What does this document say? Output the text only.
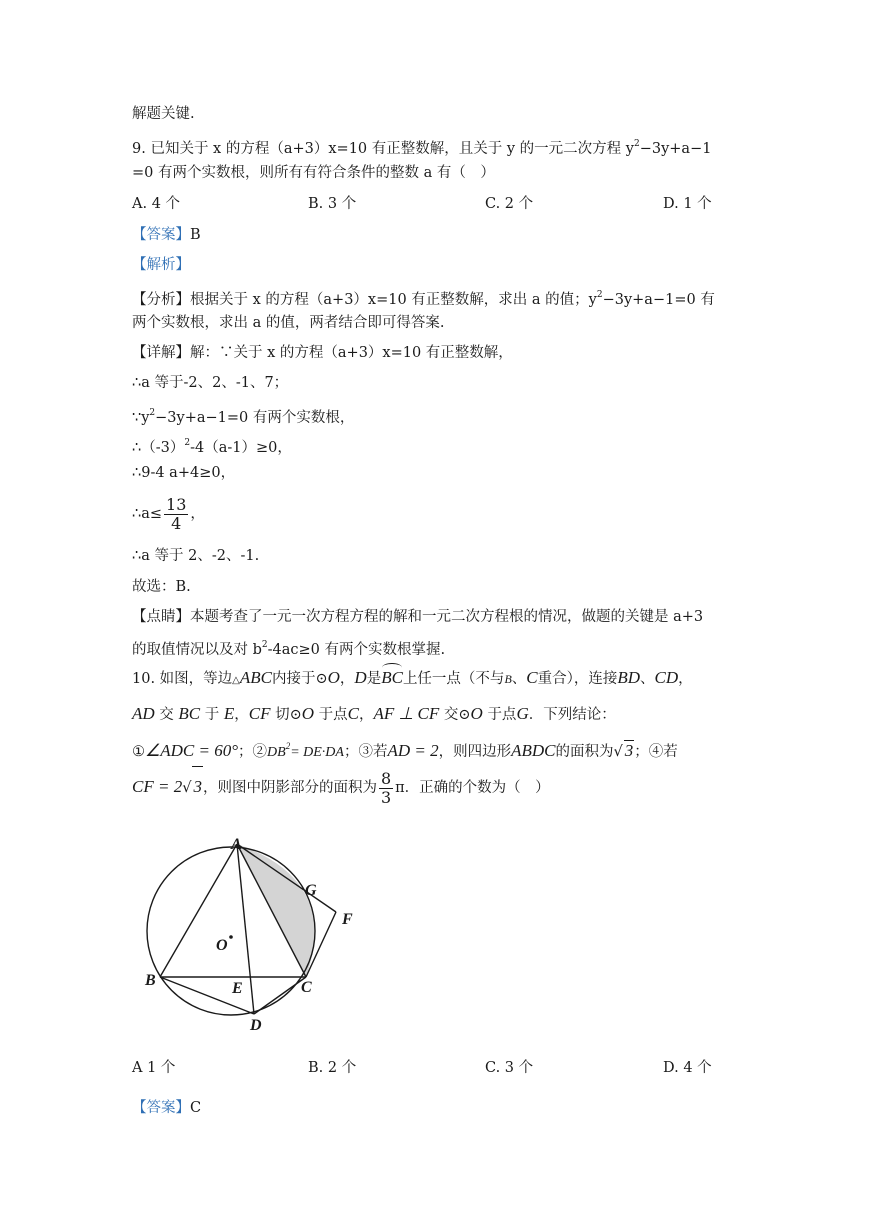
解题关键.
9. 已知关于 x 的方程（a+3）x=10 有正整数解，且关于 y 的一元二次方程 $y^2-3y+a-1$
=0 有两个实数根，则所有有符合条件的整数 a 有（　）
A. 4 个	B. 3 个	C. 2 个	D. 1 个
【答案】B
【解析】
【分析】根据关于 x 的方程（a+3）x=10 有正整数解，求出 a 的值；$y^2-3y+a-1=0$ 有
两个实数根，求出 a 的值，两者结合即可得答案.
【详解】解：∵关于 x 的方程（a+3）x=10 有正整数解，
∴a 等于-2、2、-1、7；
$\because y^2-3y+a-1=0$ 有两个实数根，
$\therefore(-3)^2-4(a-1)\ge 0$，
∴9-4 a+4≥0，
∴a≤ $\frac{13}{4}$ ，
∴a 等于 2、-2、-1.
故选：B.
【点睛】本题考查了一元一次方程方程的解和一元二次方程根的情况，做题的关键是 a+3
的取值情况以及对 $b^2-4ac\ge 0$ 有两个实数根掌握.
10. 如图，等边△ABC内接于⊙O，D是BC上任一点（不与B、C重合），连接BD、CD，
AD 交 BC 于 E，CF 切⊙O 于点C，AF ⊥ CF 交⊙O 于点G．下列结论：
①∠ADC = 60°；$②DB^2= DE\cdot DA$；③若AD = 2，则四边形ABDC的面积为√ 3；④若
CF = 2√ 3，则图中阴影部分的面积为 $\frac{8}{3}$ π．正确的个数为（　）
A
B	C
D
E
F
G
O
A 1 个	B. 2 个	C. 3 个	D. 4 个
【答案】C
